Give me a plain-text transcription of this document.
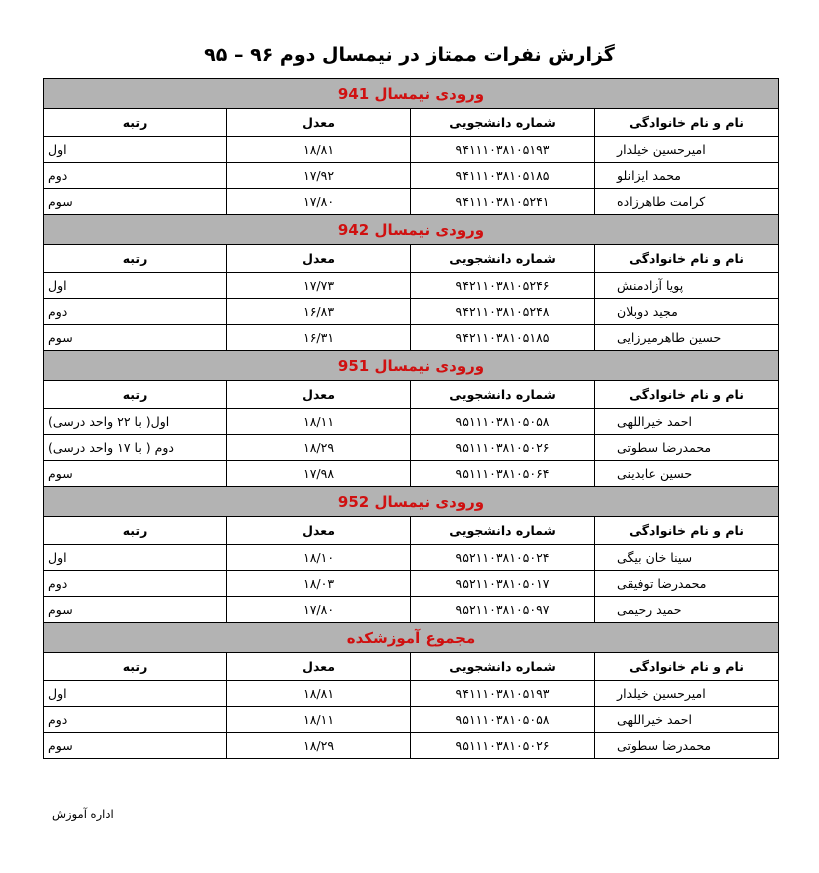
گزارش نفرات ممتاز در نیمسال دوم ۹۶ – ۹۵
ورودی نیمسال 941			
نام و نام خانوادگی	شماره دانشجویی	معدل	رتبه
امیرحسین خیلدار	۹۴۱۱۱۰۳۸۱۰۵۱۹۳	۱۸/۸۱	اول
محمد ایزانلو	۹۴۱۱۱۰۳۸۱۰۵۱۸۵	۱۷/۹۲	دوم
کرامت طاهرزاده	۹۴۱۱۱۰۳۸۱۰۵۲۴۱	۱۷/۸۰	سوم
ورودی نیمسال 942			
نام و نام خانوادگی	شماره دانشجویی	معدل	رتبه
پویا آزادمنش	۹۴۲۱۱۰۳۸۱۰۵۲۴۶	۱۷/۷۳	اول
مجید دوبلان	۹۴۲۱۱۰۳۸۱۰۵۲۴۸	۱۶/۸۳	دوم
حسین طاهرمیرزایی	۹۴۲۱۱۰۳۸۱۰۵۱۸۵	۱۶/۳۱	سوم
ورودی نیمسال 951			
نام و نام خانوادگی	شماره دانشجویی	معدل	رتبه
احمد خیراللهی	۹۵۱۱۱۰۳۸۱۰۵۰۵۸	۱۸/۱۱	اول( با ۲۲ واحد درسی)
محمدرضا سطوتی	۹۵۱۱۱۰۳۸۱۰۵۰۲۶	۱۸/۲۹	دوم ( با ۱۷ واحد درسی)
حسین عابدینی	۹۵۱۱۱۰۳۸۱۰۵۰۶۴	۱۷/۹۸	سوم
ورودی نیمسال 952			
نام و نام خانوادگی	شماره دانشجویی	معدل	رتبه
سینا خان بیگی	۹۵۲۱۱۰۳۸۱۰۵۰۲۴	۱۸/۱۰	اول
محمدرضا توفیقی	۹۵۲۱۱۰۳۸۱۰۵۰۱۷	۱۸/۰۳	دوم
حمید رحیمی	۹۵۲۱۱۰۳۸۱۰۵۰۹۷	۱۷/۸۰	سوم
مجموع آموزشکده			
نام و نام خانوادگی	شماره دانشجویی	معدل	رتبه
امیرحسین خیلدار	۹۴۱۱۱۰۳۸۱۰۵۱۹۳	۱۸/۸۱	اول
احمد خیراللهی	۹۵۱۱۱۰۳۸۱۰۵۰۵۸	۱۸/۱۱	دوم
محمدرضا سطوتی	۹۵۱۱۱۰۳۸۱۰۵۰۲۶	۱۸/۲۹	سوم
اداره آموزش
